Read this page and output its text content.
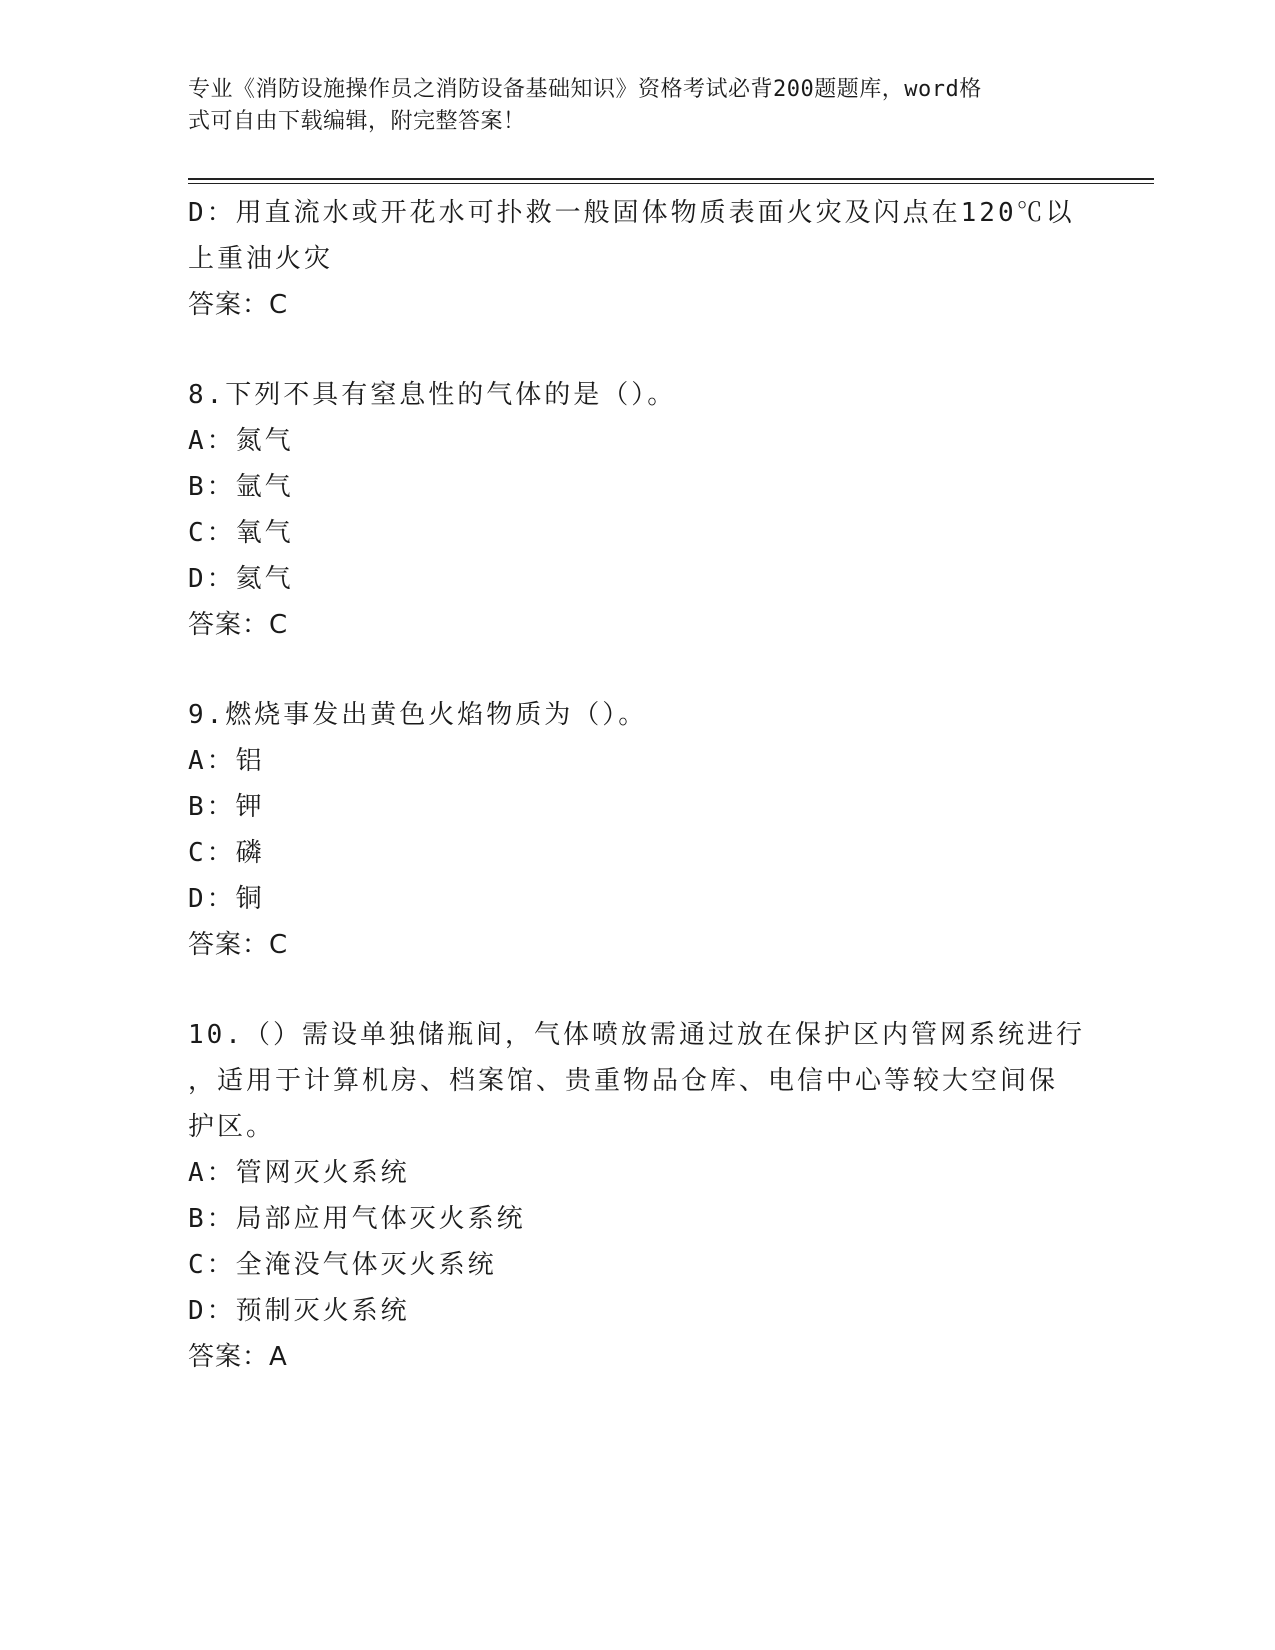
专业《消防设施操作员之消防设备基础知识》资格考试必背200题题库，word格
式可自由下载编辑，附完整答案！
D：用直流水或开花水可扑救一般固体物质表面火灾及闪点在120℃以
上重油火灾
答案：C
8.下列不具有窒息性的气体的是（）。
A：氮气
B：氩气
C：氧气
D：氦气
答案：C
9.燃烧事发出黄色火焰物质为（）。
A：铝
B：钾
C：磷
D：铜
答案：C
10.（）需设单独储瓶间，气体喷放需通过放在保护区内管网系统进行
，适用于计算机房、档案馆、贵重物品仓库、电信中心等较大空间保
护区。
A：管网灭火系统
B：局部应用气体灭火系统
C：全淹没气体灭火系统
D：预制灭火系统
答案：A
